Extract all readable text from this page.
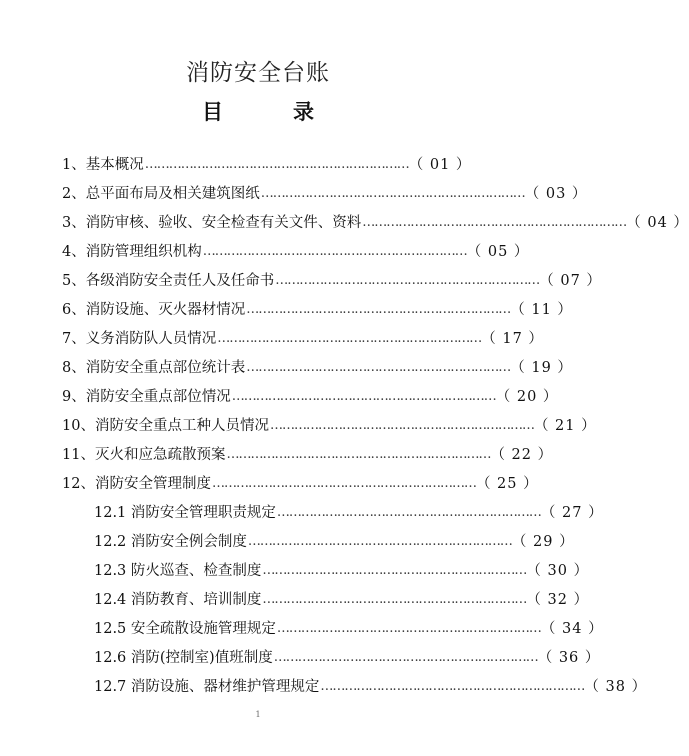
消防安全台账
目	录
1、基本概况 ………………………………………………………… （ 01 ）
2、总平面布局及相关建筑图纸 ………………………………………………………… （ 03 ）
3、消防审核、验收、安全检查有关文件、资料 ………………………………………………………… （ 04 ）
4、消防管理组织机构 ………………………………………………………… （ 05 ）
5、各级消防安全责任人及任命书 ………………………………………………………… （ 07 ）
6、消防设施、灭火器材情况 ………………………………………………………… （ 11 ）
7、义务消防队人员情况 ………………………………………………………… （ 17 ）
8、消防安全重点部位统计表 ………………………………………………………… （ 19 ）
9、消防安全重点部位情况 ………………………………………………………… （ 20 ）
10、消防安全重点工种人员情况 ………………………………………………………… （ 21 ）
11、灭火和应急疏散预案 ………………………………………………………… （ 22 ）
12、消防安全管理制度 ………………………………………………………… （ 25 ）
12.1 消防安全管理职责规定 ………………………………………………………… （ 27 ）
12.2 消防安全例会制度 ………………………………………………………… （ 29 ）
12.3 防火巡查、检查制度 ………………………………………………………… （ 30 ）
12.4 消防教育、培训制度 ………………………………………………………… （ 32 ）
12.5 安全疏散设施管理规定 ………………………………………………………… （ 34 ）
12.6 消防(控制室)值班制度 ………………………………………………………… （ 36 ）
12.7 消防设施、器材维护管理规定 ………………………………………………………… （ 38 ）
1
